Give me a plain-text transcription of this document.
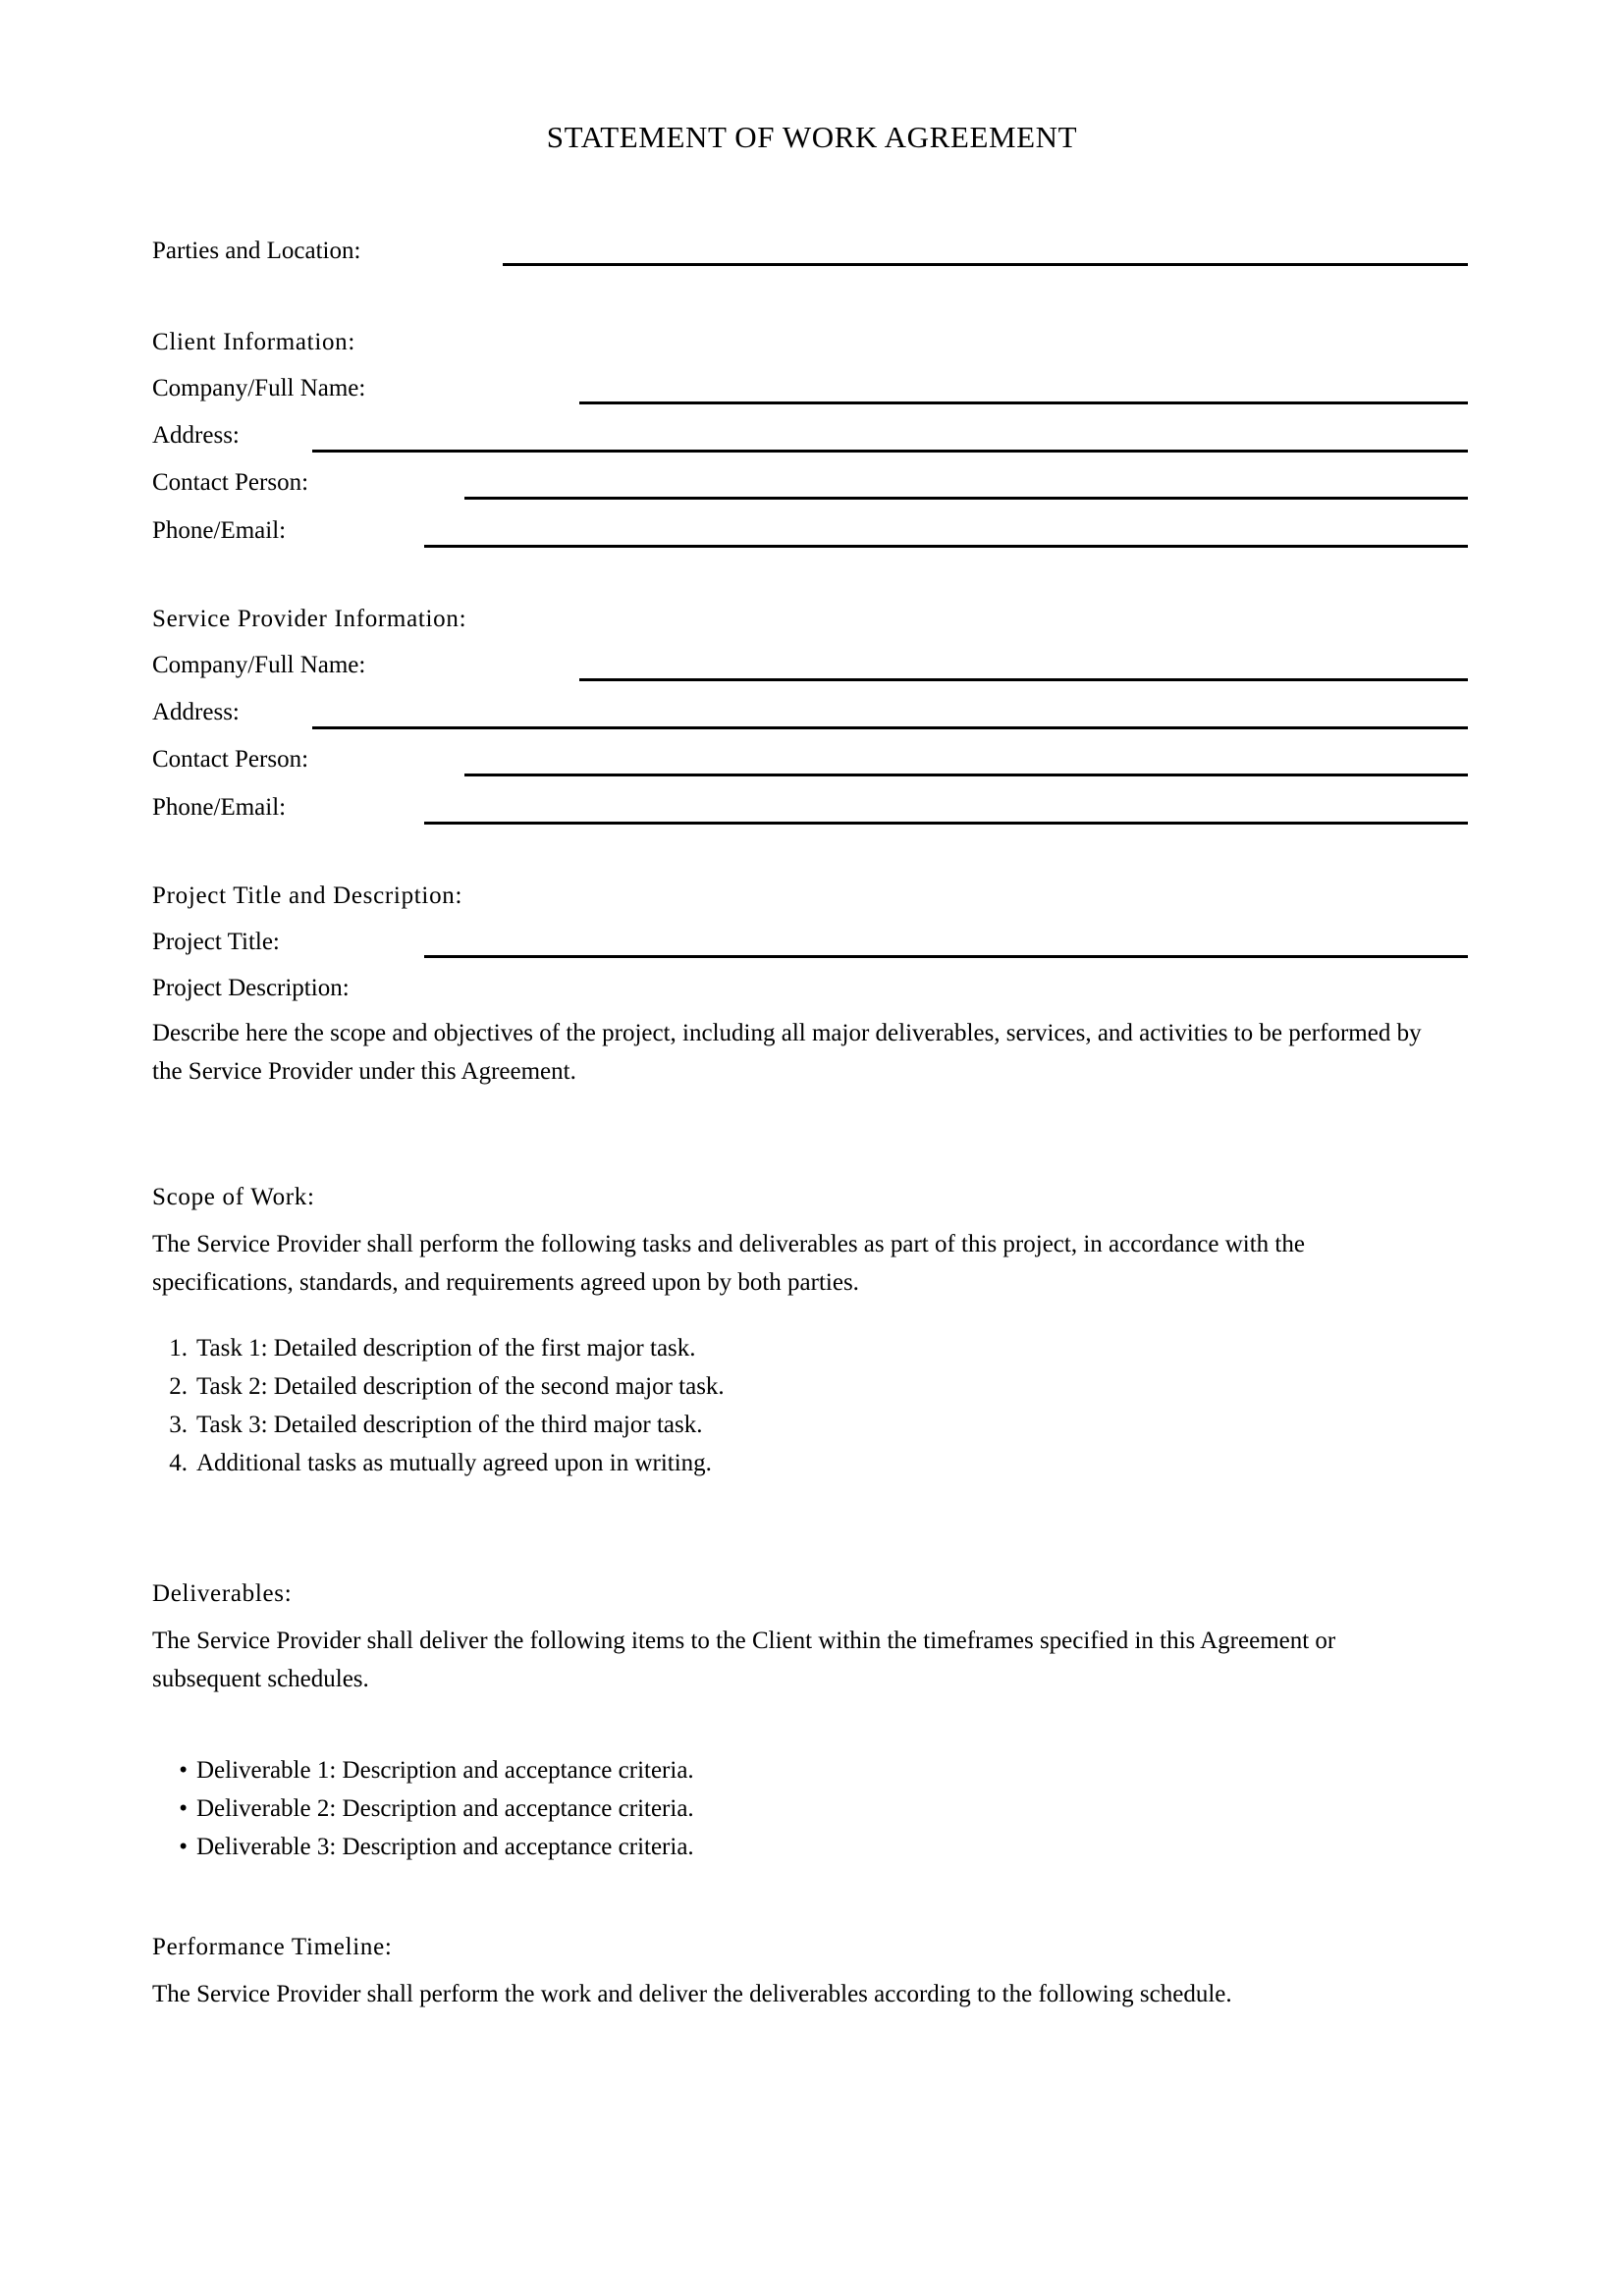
STATEMENT OF WORK AGREEMENT
Parties and Location:
Client Information:
Company/Full Name:
Address:
Contact Person:
Phone/Email:
Service Provider Information:
Company/Full Name:
Address:
Contact Person:
Phone/Email:
Project Title and Description:
Project Title:
Project Description:
Describe here the scope and objectives of the project, including all major deliverables, services, and activities to be performed by the Service Provider under this Agreement.
Scope of Work:
The Service Provider shall perform the following tasks and deliverables as part of this project, in accordance with the specifications, standards, and requirements agreed upon by both parties.
1. Task 1: Detailed description of the first major task.
2. Task 2: Detailed description of the second major task.
3. Task 3: Detailed description of the third major task.
4. Additional tasks as mutually agreed upon in writing.
Deliverables:
The Service Provider shall deliver the following items to the Client within the timeframes specified in this Agreement or subsequent schedules.
• Deliverable 1: Description and acceptance criteria.
• Deliverable 2: Description and acceptance criteria.
• Deliverable 3: Description and acceptance criteria.
Performance Timeline:
The Service Provider shall perform the work and deliver the deliverables according to the following schedule.
